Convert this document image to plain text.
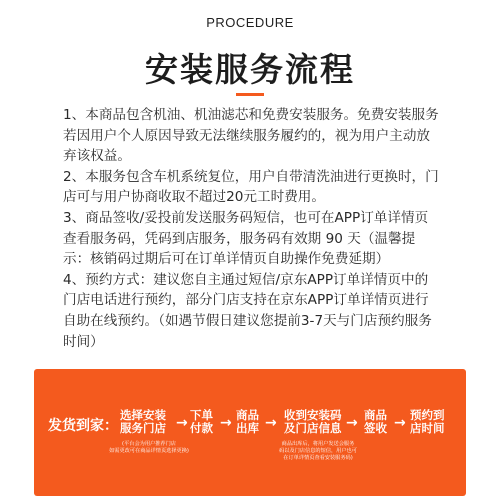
PROCEDURE
安装服务流程

1、本商品包含机油、机油滤芯和免费安装服务。免费安装服务若因用户个人原因导致无法继续服务履约的，视为用户主动放弃该权益。

2、本服务包含车机系统复位，用户自带清洗油进行更换时，门店可与用户协商收取不超过20元工时费用。

3、商品签收/妥投前发送服务码短信，也可在APP订单详情页查看服务码，凭码到店服务，服务码有效期 90 天（温馨提示：核销码过期后可在订单详情页自助操作免费延期）

4、预约方式：建议您自主通过短信/京东APP订单详情页中的门店电话进行预约，部分门店支持在京东APP订单详情页进行自助在线预约。（如遇节假日建议您提前3-7天与门店预约服务时间）

发货到家：
选择安装
服务门店 → 下单
付款 → 商品
出库 → 收到安装码
及门店信息 → 商品
签收 → 预约到
店时间
(平台会为用户推荐门店
如需更改可在商品详情页选择更换)
商品出库后，将用户发送会服务
码以及门店信息的短信，用户也可
在订单详情页查看安装服务码)
